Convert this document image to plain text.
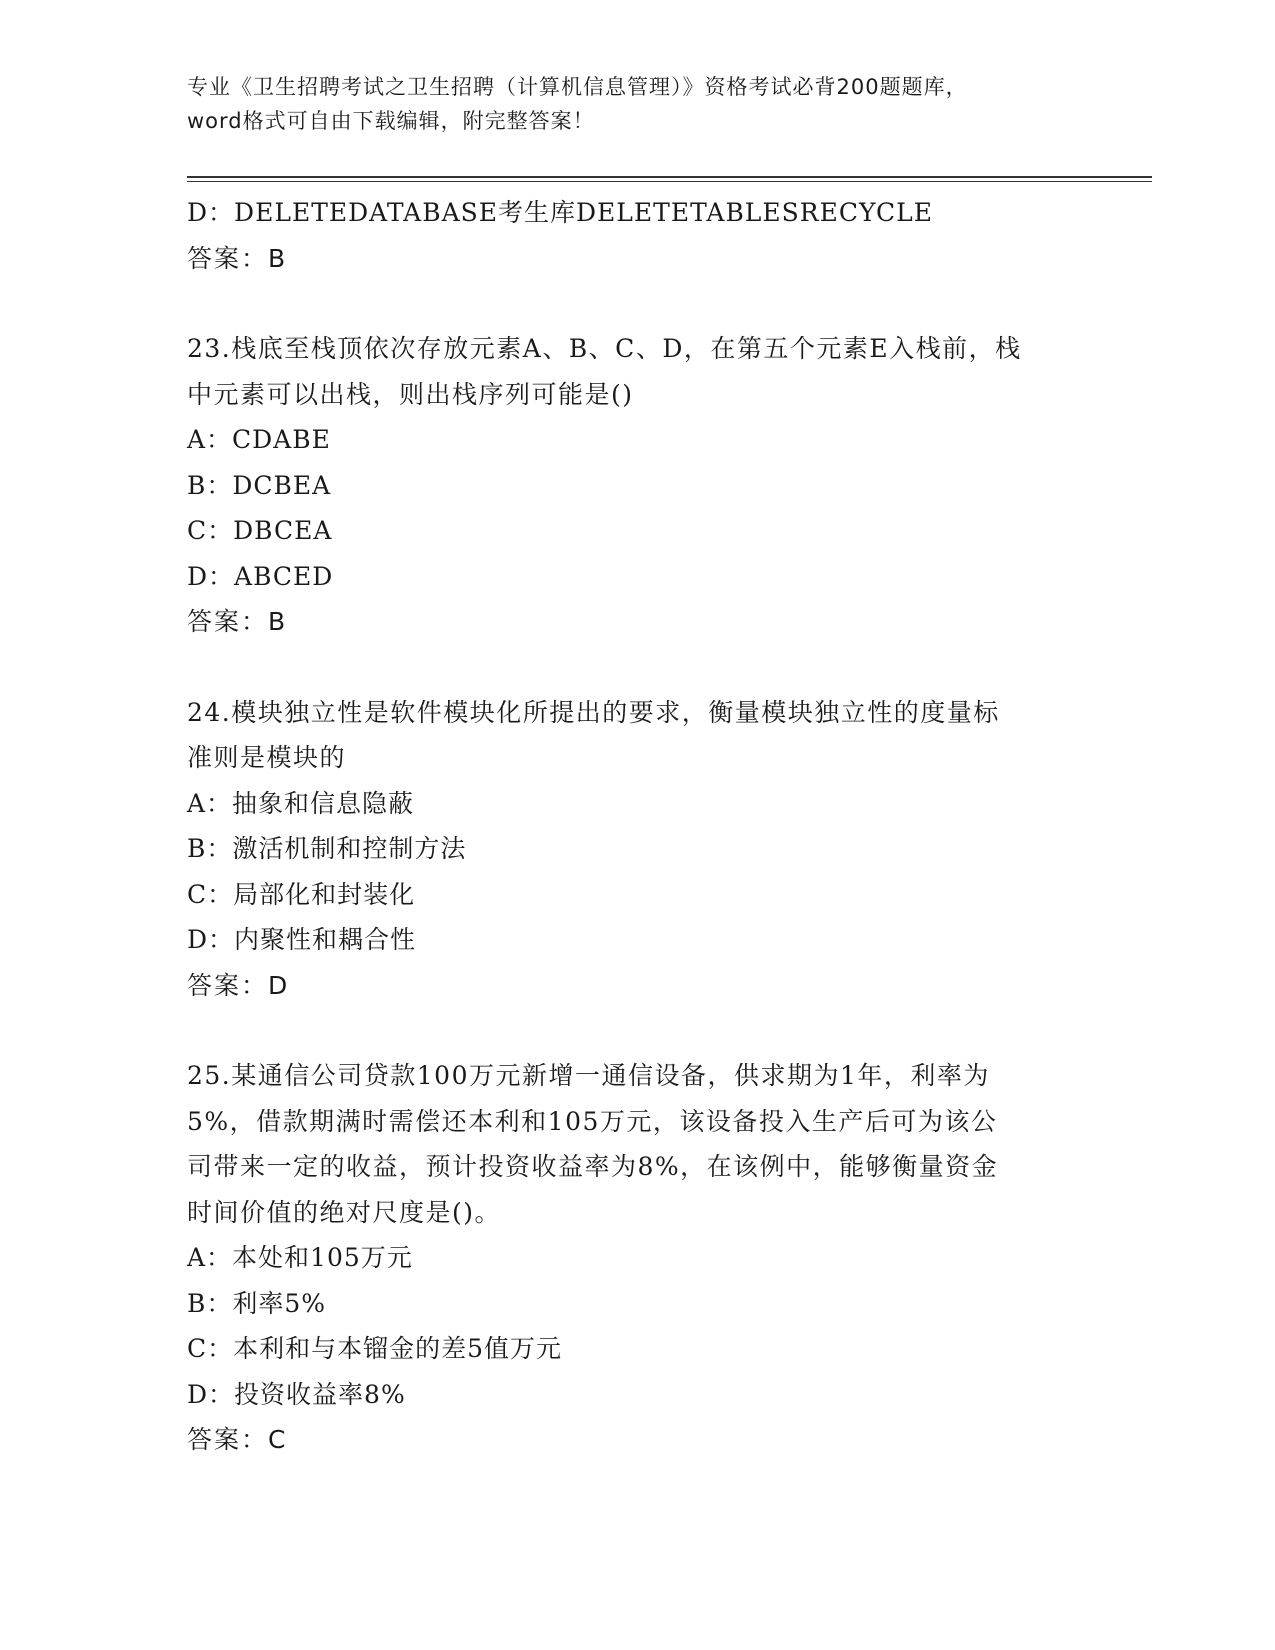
专业《卫生招聘考试之卫生招聘（计算机信息管理）》资格考试必背200题题库，
word格式可自由下载编辑，附完整答案！
D：DELETEDATABASE考生库DELETETABLESRECYCLE
答案：B
23.栈底至栈顶依次存放元素A、B、C、D，在第五个元素E入栈前，栈
中元素可以出栈，则出栈序列可能是()
A：CDABE
B：DCBEA
C：DBCEA
D：ABCED
答案：B
24.模块独立性是软件模块化所提出的要求，衡量模块独立性的度量标
准则是模块的
A：抽象和信息隐蔽
B：激活机制和控制方法
C：局部化和封装化
D：内聚性和耦合性
答案：D
25.某通信公司贷款100万元新增一通信设备，供求期为1年，利率为
5%，借款期满时需偿还本利和105万元，该设备投入生产后可为该公
司带来一定的收益，预计投资收益率为8%，在该例中，能够衡量资金
时间价值的绝对尺度是()。
A：本处和105万元
B：利率5%
C：本利和与本镏金的差5值万元
D：投资收益率8%
答案：C
